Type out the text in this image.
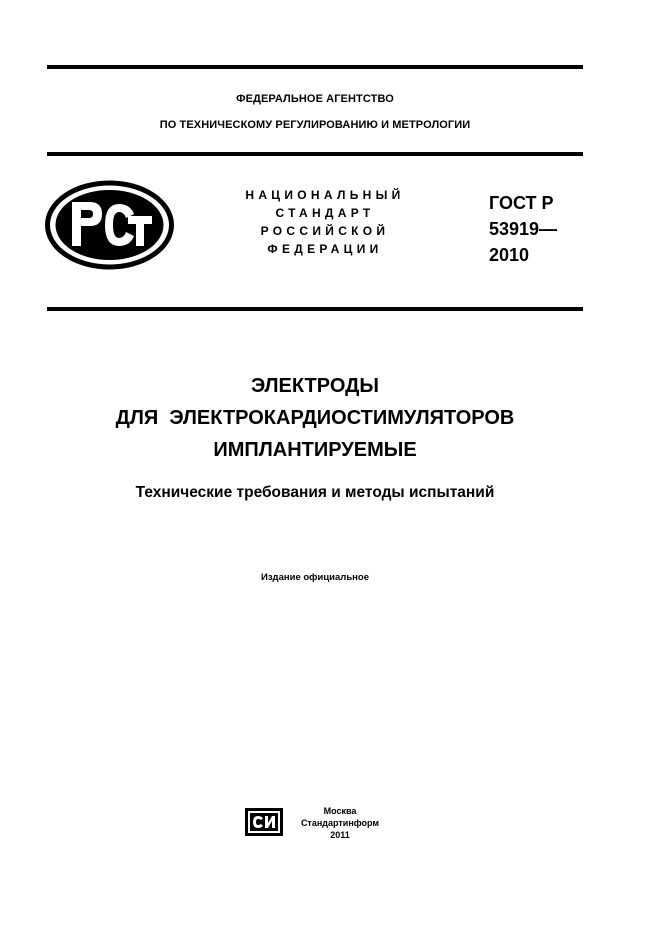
ФЕДЕРАЛЬНОЕ АГЕНТСТВО
ПО ТЕХНИЧЕСКОМУ РЕГУЛИРОВАНИЮ И МЕТРОЛОГИИ
НАЦИОНАЛЬНЫЙ
СТАНДАРТ
РОССИЙСКОЙ
ФЕДЕРАЦИИ
ГОСТ Р
53919—
2010
ЭЛЕКТРОДЫ
ДЛЯ  ЭЛЕКТРОКАРДИОСТИМУЛЯТОРОВ
ИМПЛАНТИРУЕМЫЕ
Технические требования и методы испытаний
Издание официальное
Москва
Стандартинформ
2011
